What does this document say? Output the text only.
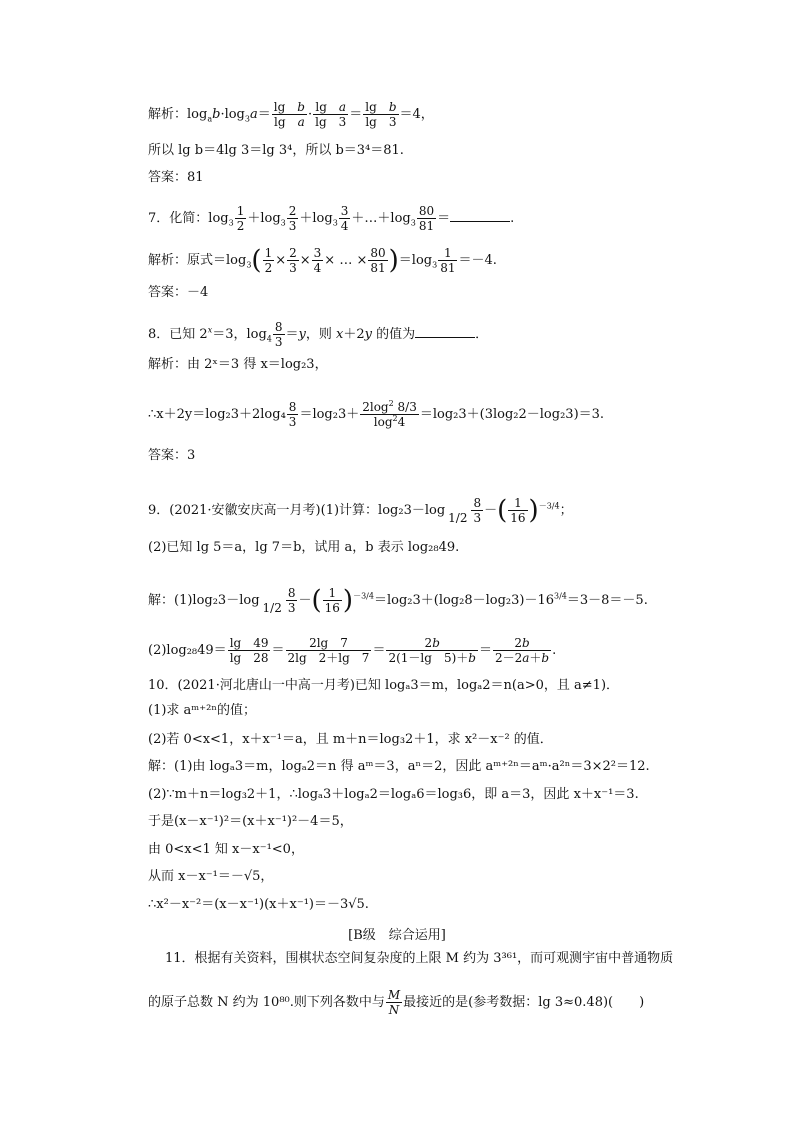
解析：$\log_ab\cdot\log_3a= \frac{\text{lg　b}}{\text{lg　a}} \cdot \frac{\text{lg　a}}{\lg 3} = \frac{\text{lg　b}}{\lg 3} =4$，
所以 lg b＝4lg 3＝lg 3⁴，所以 b＝3⁴＝81.
答案：81
7．化简：$\log_3 \frac{1}{2} +\log_3 \frac{2}{3} +\log_3 \frac{3}{4}$ $+\dots+\log_3 \frac{80}{81}$ ＝	.
解析：原式$=\log_3( \frac{1}{2} \times \frac{2}{3} \times \frac{3}{4}$ × … × $\frac{80}{81} )=\log_3 \frac{1}{81} =-4$.
答案：－4
8．已知 $2^x=3$，$\log_4 \frac{8}{3} =y$，则 x＋2y 的值为	．
解析：由 2ˣ＝3 得 x＝log₂3，
∴x＋2y＝log₂3＋2log₄ $\frac{8}{3} =\log_23+ \frac{2\log^2 8/3}{\log^24} =\log_23+(3\log_22-\log_23)=3$.
答案：3
9．(2021·安徽安庆高一月考)(1)计算：log₂3－log
$1/2 \frac{8}{3}$ －( $\frac{1}{16} )^{-3/4}$；
(2)已知 lg 5＝a，lg 7＝b，试用 a，b 表示 log₂₈49.
解：(1)log₂3－log
$1/2 \frac{8}{3}$ －( $\frac{1}{16} )^{-3/4}=\log_23+(\log_28-\log_23)-16^{3/4}=3-8=-5$.
$(2)\log_{28}49= \frac{\lg 49}{\lg 28} = \frac{2\lg 7}{2\lg 2+\lg 7} = \frac{2b}{2(1-\lg 5)+b} = \frac{2b}{2-2a+b}$ .
10．(2021·河北唐山一中高一月考)已知 logₐ3＝m，logₐ2＝n(a>0，且 a≠1)．
(1)求 aᵐ⁺²ⁿ的值；
(2)若 0<x<1，x＋x⁻¹＝a，且 m＋n＝log₃2＋1，求 x²－x⁻² 的值．
解：(1)由 logₐ3＝m，logₐ2＝n 得 aᵐ＝3，aⁿ＝2，因此 aᵐ⁺²ⁿ＝aᵐ·a²ⁿ＝3×2²＝12.
(2)∵m＋n＝log₃2＋1，∴logₐ3＋logₐ2＝logₐ6＝log₃6，即 a＝3，因此 x＋x⁻¹＝3.
于是(x－x⁻¹)²＝(x＋x⁻¹)²－4＝5，
由 0<x<1 知 x－x⁻¹<0，
从而 x－x⁻¹＝－√5，
∴x²－x⁻²＝(x－x⁻¹)(x＋x⁻¹)＝－3√5.
[B级　综合运用]
11．根据有关资料，围棋状态空间复杂度的上限 M 约为 3³⁶¹，而可观测宇宙中普通物质
的原子总数 N 约为 10⁸⁰.则下列各数中与 $\frac{M}{N}$ 最接近的是(参考数据：lg 3≈0.48)(　　)
